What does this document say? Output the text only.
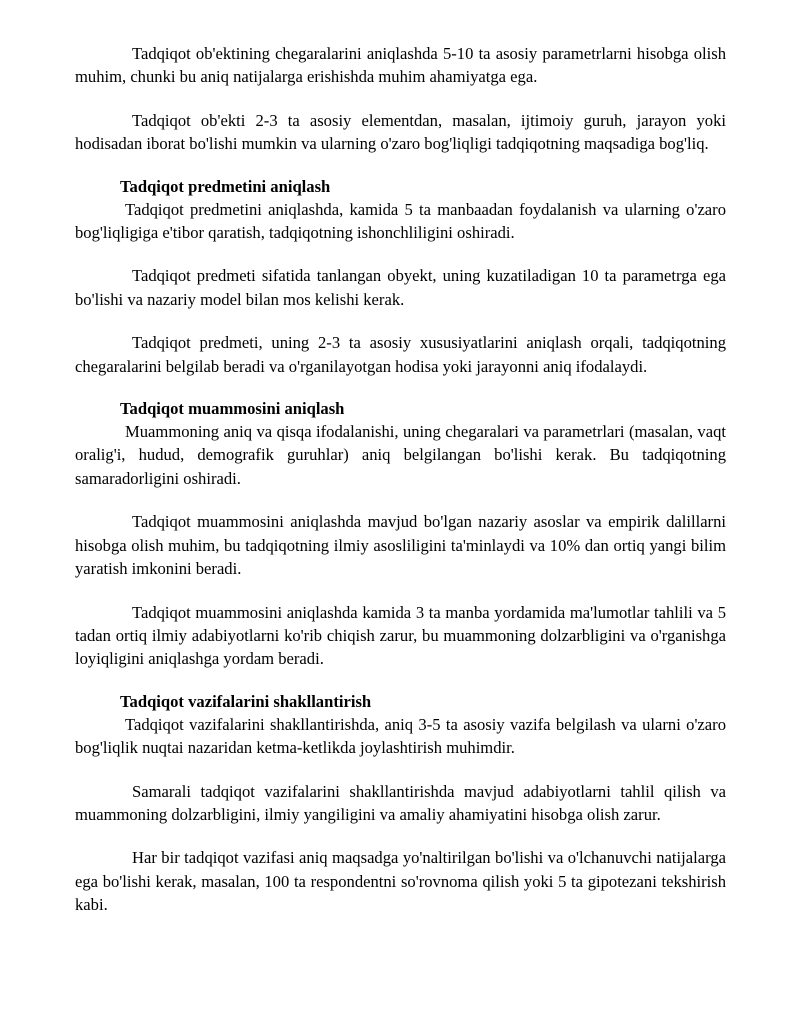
Tadqiqot ob'ektining chegaralarini aniqlashda 5-10 ta asosiy parametrlarni hisobga olish muhim, chunki bu aniq natijalarga erishishda muhim ahamiyatga ega.

Tadqiqot ob'ekti 2-3 ta asosiy elementdan, masalan, ijtimoiy guruh, jarayon yoki hodisadan iborat bo'lishi mumkin va ularning o'zaro bog'liqligi tadqiqotning maqsadiga bog'liq.

Tadqiqot predmetini aniqlash

Tadqiqot predmetini aniqlashda, kamida 5 ta manbaadan foydalanish va ularning o'zaro bog'liqligiga e'tibor qaratish, tadqiqotning ishonchliligini oshiradi.

Tadqiqot predmeti sifatida tanlangan obyekt, uning kuzatiladigan 10 ta parametrga ega bo'lishi va nazariy model bilan mos kelishi kerak.

Tadqiqot predmeti, uning 2-3 ta asosiy xususiyatlarini aniqlash orqali, tadqiqotning chegaralarini belgilab beradi va o'rganilayotgan hodisa yoki jarayonni aniq ifodalaydi.

Tadqiqot muammosini aniqlash

Muammoning aniq va qisqa ifodalanishi, uning chegaralari va parametrlari (masalan, vaqt oralig'i, hudud, demografik guruhlar) aniq belgilangan bo'lishi kerak. Bu tadqiqotning samaradorligini oshiradi.

Tadqiqot muammosini aniqlashda mavjud bo'lgan nazariy asoslar va empirik dalillarni hisobga olish muhim, bu tadqiqotning ilmiy asosliligini ta'minlaydi va 10% dan ortiq yangi bilim yaratish imkonini beradi.

Tadqiqot muammosini aniqlashda kamida 3 ta manba yordamida ma'lumotlar tahlili va 5 tadan ortiq ilmiy adabiyotlarni ko'rib chiqish zarur, bu muammoning dolzarbligini va o'rganishga loyiqligini aniqlashga yordam beradi.

Tadqiqot vazifalarini shakllantirish

Tadqiqot vazifalarini shakllantirishda, aniq 3-5 ta asosiy vazifa belgilash va ularni o'zaro bog'liqlik nuqtai nazaridan ketma-ketlikda joylashtirish muhimdir.

Samarali tadqiqot vazifalarini shakllantirishda mavjud adabiyotlarni tahlil qilish va muammoning dolzarbligini, ilmiy yangiligini va amaliy ahamiyatini hisobga olish zarur.

Har bir tadqiqot vazifasi aniq maqsadga yo'naltirilgan bo'lishi va o'lchanuvchi natijalarga ega bo'lishi kerak, masalan, 100 ta respondentni so'rovnoma qilish yoki 5 ta gipotezani tekshirish kabi.
